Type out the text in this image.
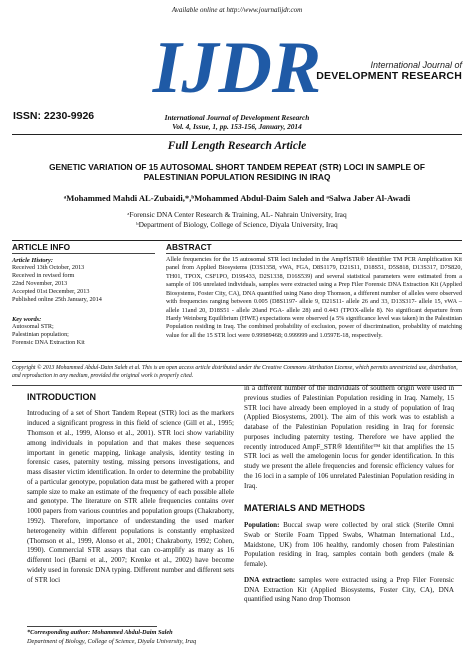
Available online at http://www.journalijdr.com
IJDR	International Journal of
DEVELOPMENT RESEARCH
ISSN: 2230-9926	International Journal of Development Research
Vol. 4, Issue, 1, pp. 153-156, January, 2014
Full Length Research Article
GENETIC VARIATION OF 15 AUTOSOMAL SHORT TANDEM REPEAT (STR) LOCI IN SAMPLE OF
PALESTINIAN POPULATION RESIDING IN IRAQ
ᵃMohammed Mahdi AL-Zubaidi,*,ᵇMohammed Abdul-Daim Saleh and ᵃSalwa Jaber Al-Awadi
ᵃForensic DNA Center Research & Training, AL- Nahrain University, Iraq
ᵇDepartment of Biology, College of Science, Diyala University, Iraq
ARTICLE INFO	ABSTRACT
Article History:
Received 13th October, 2013
Received in revised form
22nd November, 2013
Accepted 01st December, 2013
Published online 25th January, 2014
Key words:
Autosomal STR;
Palestinian population;
Forensic DNA Extraction Kit
Allele frequencies for the 15 autosomal STR loci included in the AmpFlSTR® Identifiler TM PCR Amplification Kit panel from Applied Biosystems (D3S1358, vWA, FGA, D8S1179, D21S11, D18S51, D5S818, D13S317, D7S820, TH01, TPOX, CSF1PO, D19S433, D2S1338, D16S539) and several statistical parameters were estimated from a sample of 106 unrelated individuals, samples were extracted using a Prep Filer Forensic DNA Extraction Kit (Applied Biosystems, Foster City, CA), DNA quantified using Nano drop Thomson, a different number of alleles were observed with frequencies ranging between 0.005 (D8S1197- allele 9, D21S11- allele 26 and 33, D13S317- allele 15, vWA – allele 11and 20, D18S51 - allele 20and FGA- allele 28) and 0.443 (TPOX-allele 8). No significant departure from Hardy Weinberg Equilibrium (HWE) expectations were observed (a 5% significance level was taken) in the Palestinian Population residing in Iraq. The combined probability of exclusion, power of discrimination, probability of matching value for all the 15 STR loci were 0.99989468; 0.999999 and 1.0597E-18, respectively.
Copyright © 2013 Mohammed Abdul-Daim Saleh et al. This is an open access article distributed under the Creative Commons Attribution License, which permits unrestricted use, distribution, and reproduction in any medium, provided the original work is properly cited.
INTRODUCTION
Introducing of a set of Short Tandem Repeat (STR) loci as the markers induced a significant progress in this field of science (Gill et al., 1995; Thomson et al., 1999, Alonso et al., 2001). STR loci show variability among individuals in population and that makes these sequences important in genetic mapping, linkage analysis, identity testing in forensic cases, paternity testing, missing persons investigations, and mass disaster victim identification. In order to determine the probability of a particular genotype, population data must be gathered with a proper sample size to make an estimate of the frequency of each possible allele and genotype. The literature on STR allele frequencies contains over 1000 papers from various countries and population groups (Chakraborty, 1992). Therefore, importance of understanding the used marker heterogeneity within different populations is constantly emphasized (Thomson et al., 1999, Alonso et al., 2001; Chakraborty, 1992; Cohen, 1990). Commercial STR assays that can co-amplify as many as 16 different loci (Barni et al., 2007; Krenke et al., 2002) have become widely used in forensic DNA typing. Different number and different sets of STR loci
in a different number of the individuals of southern origin were used in previous studies of Palestinian Population residing in Iraq. Namely, 15 STR loci have already been employed in a study of population of Iraq (Applied Biosystems, 2001). The aim of this work was to establish a database of the Palestinian Population residing in Iraq for forensic purposes including paternity testing. Therefore we have applied the recently introduced AmpF_STR® Identifiler™ kit that amplifies the 15 STR loci as well the amelogenin locus for gender identification. In this study we present the allele frequencies and forensic efficiency values for the 16 loci in a sample of 106 unrelated Palestinian Population residing in Iraq.
MATERIALS AND METHODS
Population: Buccal swap were collected by oral stick (Sterile Omni Swab or Sterile Foam Tipped Swabs, Whatman International Ltd., Maidstone, UK) from 106 healthy, randomly chosen from Palestinian Population residing in Iraq, samples contain both genders (male & female).
DNA extraction: samples were extracted using a Prep Filer Forensic DNA Extraction Kit (Applied Biosystems, Foster City, CA), DNA quantified using Nano drop Thomson
*Corresponding author: Mohammed Abdul-Daim Saleh
Department of Biology, College of Science, Diyala University, Iraq
